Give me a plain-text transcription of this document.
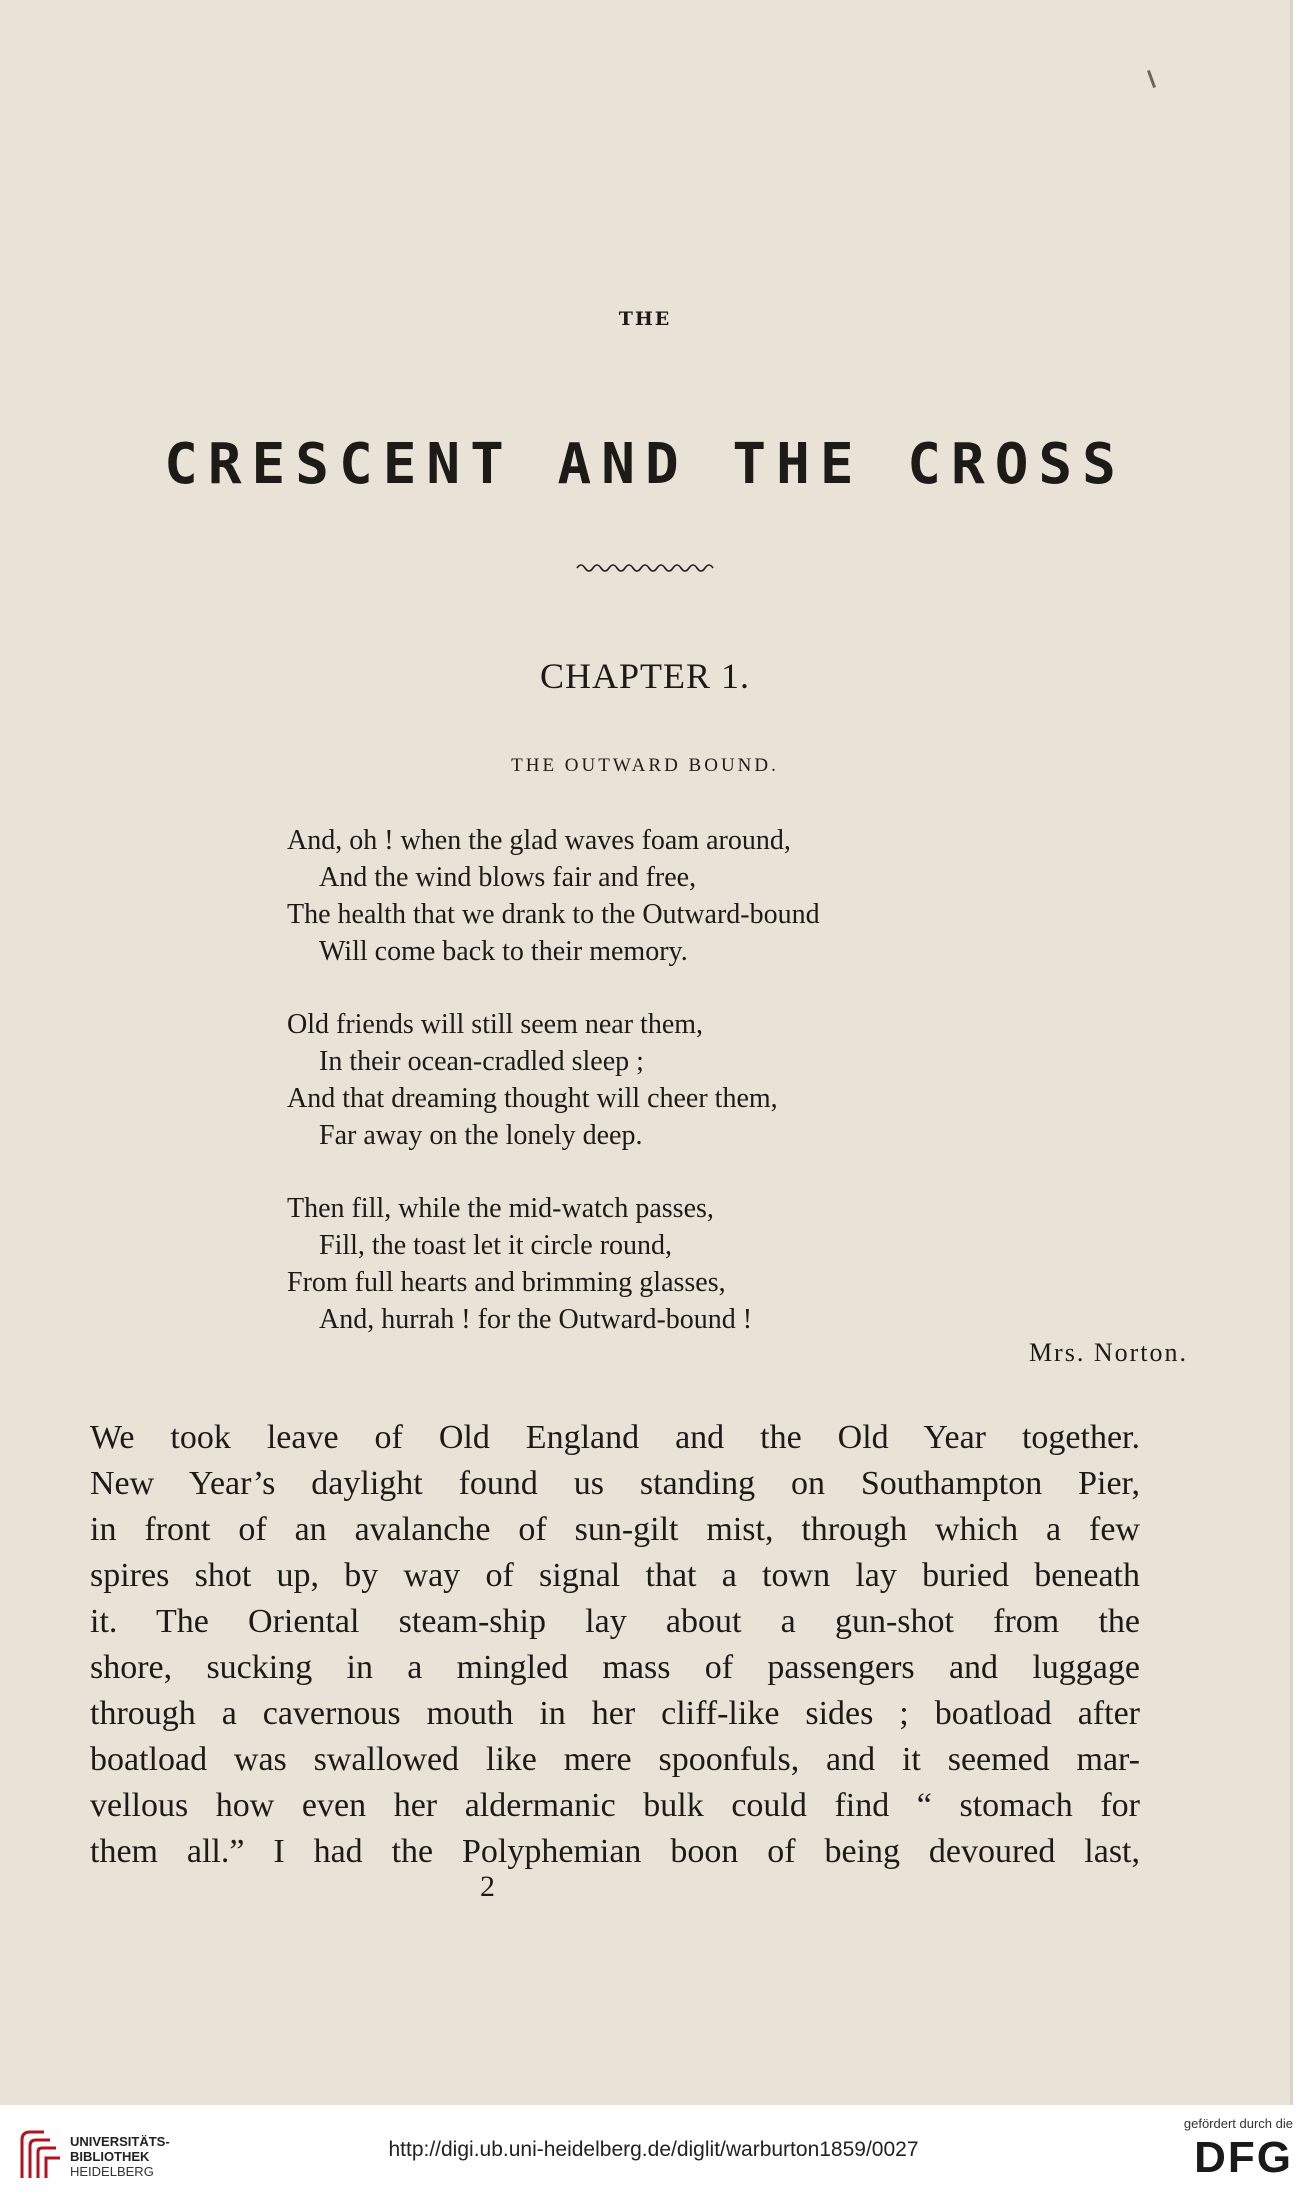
THE
CRESCENT AND THE CROSS
CHAPTER 1.
THE OUTWARD BOUND.
And, oh ! when the glad waves foam around,
And the wind blows fair and free,
The health that we drank to the Outward-bound
Will come back to their memory.
Old friends will still seem near them,
In their ocean-cradled sleep ;
And that dreaming thought will cheer them,
Far away on the lonely deep.
Then fill, while the mid-watch passes,
Fill, the toast let it circle round,
From full hearts and brimming glasses,
And, hurrah ! for the Outward-bound !
Mrs. Norton.
We took leave of Old England and the Old Year together.
New Year’s daylight found us standing on Southampton Pier,
in front of an avalanche of sun-gilt mist, through which a few
spires shot up, by way of signal that a town lay buried beneath
it. The Oriental steam-ship lay about a gun-shot from the
shore, sucking in a mingled mass of passengers and luggage
through a cavernous mouth in her cliff-like sides ; boatload after
boatload was swallowed like mere spoonfuls, and it seemed mar-
vellous how even her aldermanic bulk could find “ stomach for
them all.” I had the Polyphemian boon of being devoured last,
2
UNIVERSITÄTS-
BIBLIOTHEK
HEIDELBERG
http://digi.ub.uni-heidelberg.de/diglit/warburton1859/0027
gefördert durch die
DFG
